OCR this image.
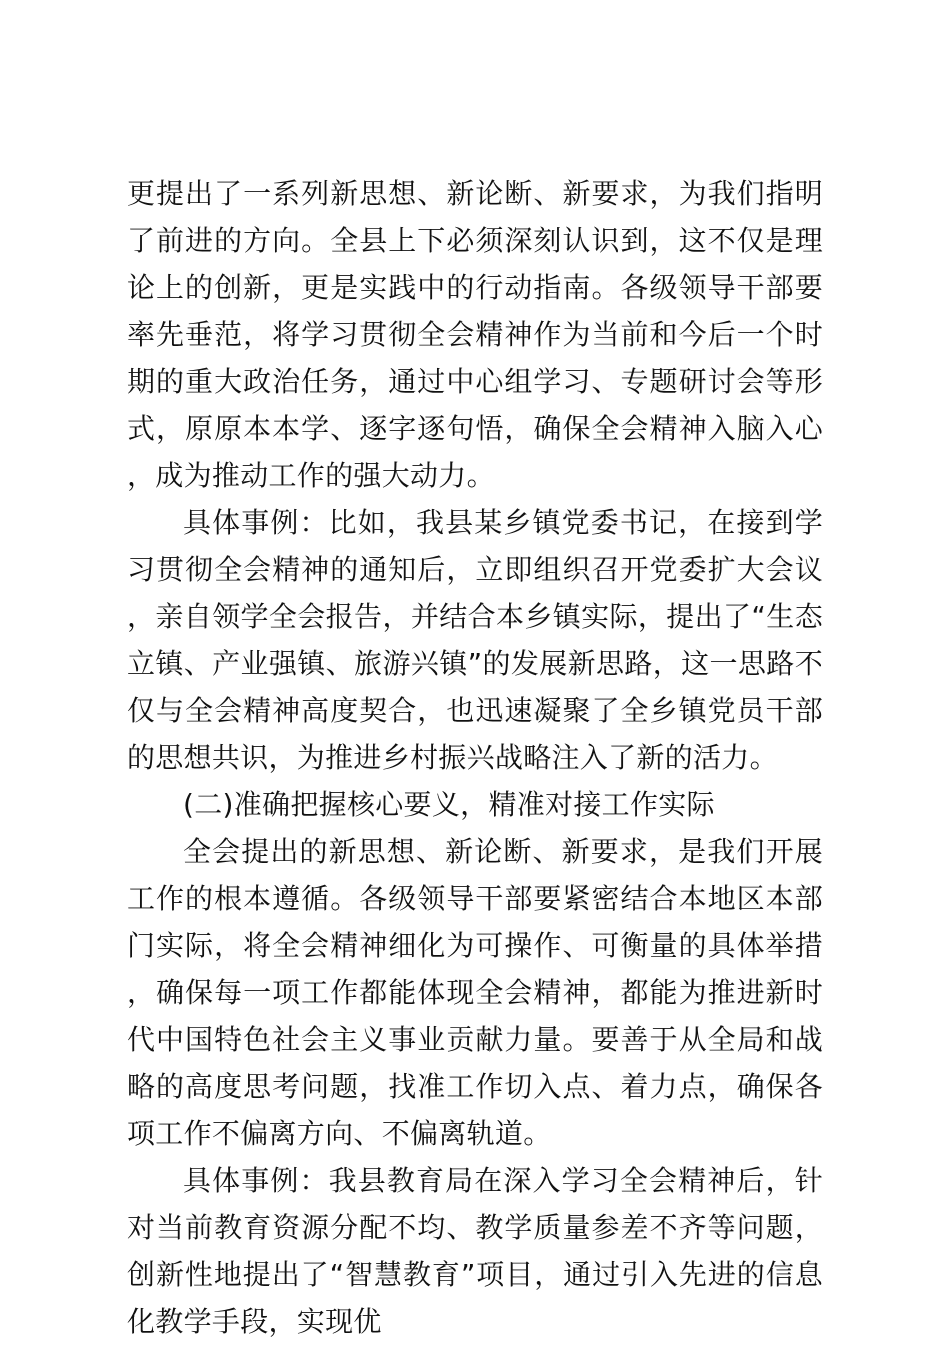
更提出了一系列新思想、新论断、新要求，为我们指明了前进的方向。全县上下必须深刻认识到，这不仅是理论上的创新，更是实践中的行动指南。各级领导干部要率先垂范，将学习贯彻全会精神作为当前和今后一个时期的重大政治任务，通过中心组学习、专题研讨会等形式，原原本本学、逐字逐句悟，确保全会精神入脑入心，成为推动工作的强大动力。

具体事例：比如，我县某乡镇党委书记，在接到学习贯彻全会精神的通知后，立即组织召开党委扩大会议，亲自领学全会报告，并结合本乡镇实际，提出了“生态立镇、产业强镇、旅游兴镇”的发展新思路，这一思路不仅与全会精神高度契合，也迅速凝聚了全乡镇党员干部的思想共识，为推进乡村振兴战略注入了新的活力。

(二)准确把握核心要义，精准对接工作实际

全会提出的新思想、新论断、新要求，是我们开展工作的根本遵循。各级领导干部要紧密结合本地区本部门实际，将全会精神细化为可操作、可衡量的具体举措，确保每一项工作都能体现全会精神，都能为推进新时代中国特色社会主义事业贡献力量。要善于从全局和战略的高度思考问题，找准工作切入点、着力点，确保各项工作不偏离方向、不偏离轨道。

具体事例：我县教育局在深入学习全会精神后，针对当前教育资源分配不均、教学质量参差不齐等问题，创新性地提出了“智慧教育”项目，通过引入先进的信息化教学手段，实现优
